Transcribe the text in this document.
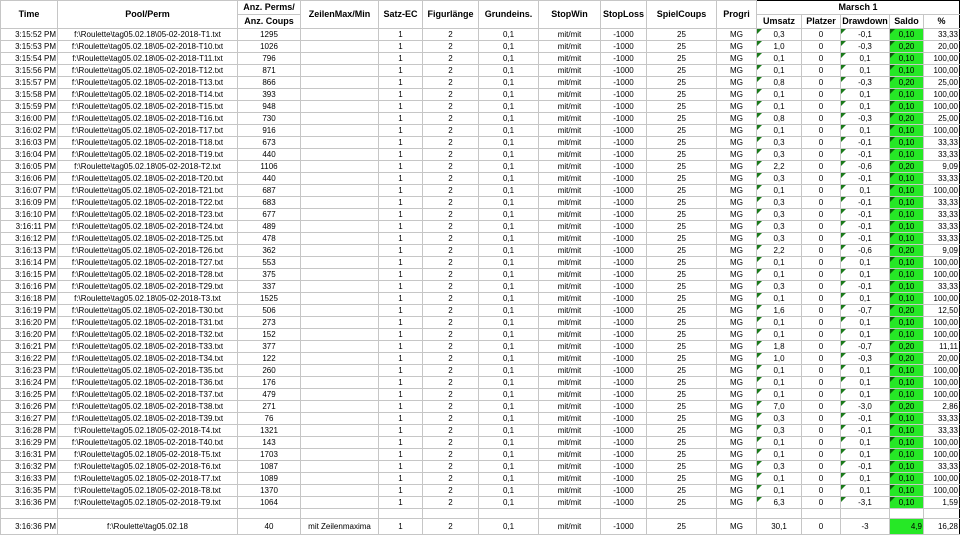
Time	Pool/Perm	Anz. Perms/	ZeilenMax/Min	Satz-EC	Figurlänge	Grundeins.	StopWin	StopLoss	SpielCoups	Progri	Marsch 1				
		Anz. Coups									Umsatz	Platzer	Drawdown	Saldo	%
3:15:52 PM	f:\Roulette\tag05.02.18\05-02-2018-T1.txt	1295		1	2	0,1	mit/mit	-1000	25	MG	0,3	0	-0,1	0,10	33,33
3:15:53 PM	f:\Roulette\tag05.02.18\05-02-2018-T10.txt	1026		1	2	0,1	mit/mit	-1000	25	MG	1,0	0	-0,3	0,20	20,00
3:15:54 PM	f:\Roulette\tag05.02.18\05-02-2018-T11.txt	796		1	2	0,1	mit/mit	-1000	25	MG	0,1	0	0,1	0,10	100,00
3:15:56 PM	f:\Roulette\tag05.02.18\05-02-2018-T12.txt	871		1	2	0,1	mit/mit	-1000	25	MG	0,1	0	0,1	0,10	100,00
3:15:57 PM	f:\Roulette\tag05.02.18\05-02-2018-T13.txt	866		1	2	0,1	mit/mit	-1000	25	MG	0,8	0	-0,3	0,20	25,00
3:15:58 PM	f:\Roulette\tag05.02.18\05-02-2018-T14.txt	393		1	2	0,1	mit/mit	-1000	25	MG	0,1	0	0,1	0,10	100,00
3:15:59 PM	f:\Roulette\tag05.02.18\05-02-2018-T15.txt	948		1	2	0,1	mit/mit	-1000	25	MG	0,1	0	0,1	0,10	100,00
3:16:00 PM	f:\Roulette\tag05.02.18\05-02-2018-T16.txt	730		1	2	0,1	mit/mit	-1000	25	MG	0,8	0	-0,3	0,20	25,00
3:16:02 PM	f:\Roulette\tag05.02.18\05-02-2018-T17.txt	916		1	2	0,1	mit/mit	-1000	25	MG	0,1	0	0,1	0,10	100,00
3:16:03 PM	f:\Roulette\tag05.02.18\05-02-2018-T18.txt	673		1	2	0,1	mit/mit	-1000	25	MG	0,3	0	-0,1	0,10	33,33
3:16:04 PM	f:\Roulette\tag05.02.18\05-02-2018-T19.txt	440		1	2	0,1	mit/mit	-1000	25	MG	0,3	0	-0,1	0,10	33,33
3:16:05 PM	f:\Roulette\tag05.02.18\05-02-2018-T2.txt	1106		1	2	0,1	mit/mit	-1000	25	MG	2,2	0	-0,6	0,20	9,09
3:16:06 PM	f:\Roulette\tag05.02.18\05-02-2018-T20.txt	440		1	2	0,1	mit/mit	-1000	25	MG	0,3	0	-0,1	0,10	33,33
3:16:07 PM	f:\Roulette\tag05.02.18\05-02-2018-T21.txt	687		1	2	0,1	mit/mit	-1000	25	MG	0,1	0	0,1	0,10	100,00
3:16:09 PM	f:\Roulette\tag05.02.18\05-02-2018-T22.txt	683		1	2	0,1	mit/mit	-1000	25	MG	0,3	0	-0,1	0,10	33,33
3:16:10 PM	f:\Roulette\tag05.02.18\05-02-2018-T23.txt	677		1	2	0,1	mit/mit	-1000	25	MG	0,3	0	-0,1	0,10	33,33
3:16:11 PM	f:\Roulette\tag05.02.18\05-02-2018-T24.txt	489		1	2	0,1	mit/mit	-1000	25	MG	0,3	0	-0,1	0,10	33,33
3:16:12 PM	f:\Roulette\tag05.02.18\05-02-2018-T25.txt	478		1	2	0,1	mit/mit	-1000	25	MG	0,3	0	-0,1	0,10	33,33
3:16:13 PM	f:\Roulette\tag05.02.18\05-02-2018-T26.txt	362		1	2	0,1	mit/mit	-1000	25	MG	2,2	0	-0,6	0,20	9,09
3:16:14 PM	f:\Roulette\tag05.02.18\05-02-2018-T27.txt	553		1	2	0,1	mit/mit	-1000	25	MG	0,1	0	0,1	0,10	100,00
3:16:15 PM	f:\Roulette\tag05.02.18\05-02-2018-T28.txt	375		1	2	0,1	mit/mit	-1000	25	MG	0,1	0	0,1	0,10	100,00
3:16:16 PM	f:\Roulette\tag05.02.18\05-02-2018-T29.txt	337		1	2	0,1	mit/mit	-1000	25	MG	0,3	0	-0,1	0,10	33,33
3:16:18 PM	f:\Roulette\tag05.02.18\05-02-2018-T3.txt	1525		1	2	0,1	mit/mit	-1000	25	MG	0,1	0	0,1	0,10	100,00
3:16:19 PM	f:\Roulette\tag05.02.18\05-02-2018-T30.txt	506		1	2	0,1	mit/mit	-1000	25	MG	1,6	0	-0,7	0,20	12,50
3:16:20 PM	f:\Roulette\tag05.02.18\05-02-2018-T31.txt	273		1	2	0,1	mit/mit	-1000	25	MG	0,1	0	0,1	0,10	100,00
3:16:20 PM	f:\Roulette\tag05.02.18\05-02-2018-T32.txt	152		1	2	0,1	mit/mit	-1000	25	MG	0,1	0	0,1	0,10	100,00
3:16:21 PM	f:\Roulette\tag05.02.18\05-02-2018-T33.txt	377		1	2	0,1	mit/mit	-1000	25	MG	1,8	0	-0,7	0,20	11,11
3:16:22 PM	f:\Roulette\tag05.02.18\05-02-2018-T34.txt	122		1	2	0,1	mit/mit	-1000	25	MG	1,0	0	-0,3	0,20	20,00
3:16:23 PM	f:\Roulette\tag05.02.18\05-02-2018-T35.txt	260		1	2	0,1	mit/mit	-1000	25	MG	0,1	0	0,1	0,10	100,00
3:16:24 PM	f:\Roulette\tag05.02.18\05-02-2018-T36.txt	176		1	2	0,1	mit/mit	-1000	25	MG	0,1	0	0,1	0,10	100,00
3:16:25 PM	f:\Roulette\tag05.02.18\05-02-2018-T37.txt	479		1	2	0,1	mit/mit	-1000	25	MG	0,1	0	0,1	0,10	100,00
3:16:26 PM	f:\Roulette\tag05.02.18\05-02-2018-T38.txt	271		1	2	0,1	mit/mit	-1000	25	MG	7,0	0	-3,0	0,20	2,86
3:16:27 PM	f:\Roulette\tag05.02.18\05-02-2018-T39.txt	76		1	2	0,1	mit/mit	-1000	25	MG	0,3	0	-0,1	0,10	33,33
3:16:28 PM	f:\Roulette\tag05.02.18\05-02-2018-T4.txt	1321		1	2	0,1	mit/mit	-1000	25	MG	0,3	0	-0,1	0,10	33,33
3:16:29 PM	f:\Roulette\tag05.02.18\05-02-2018-T40.txt	143		1	2	0,1	mit/mit	-1000	25	MG	0,1	0	0,1	0,10	100,00
3:16:31 PM	f:\Roulette\tag05.02.18\05-02-2018-T5.txt	1703		1	2	0,1	mit/mit	-1000	25	MG	0,1	0	0,1	0,10	100,00
3:16:32 PM	f:\Roulette\tag05.02.18\05-02-2018-T6.txt	1087		1	2	0,1	mit/mit	-1000	25	MG	0,3	0	-0,1	0,10	33,33
3:16:33 PM	f:\Roulette\tag05.02.18\05-02-2018-T7.txt	1089		1	2	0,1	mit/mit	-1000	25	MG	0,1	0	0,1	0,10	100,00
3:16:35 PM	f:\Roulette\tag05.02.18\05-02-2018-T8.txt	1370		1	2	0,1	mit/mit	-1000	25	MG	0,1	0	0,1	0,10	100,00
3:16:36 PM	f:\Roulette\tag05.02.18\05-02-2018-T9.txt	1064		1	2	0,1	mit/mit	-1000	25	MG	6,3	0	-3,1	0,10	1,59

3:16:36 PM	f:\Roulette\tag05.02.18	40	mit Zeilenmaxima	1	2	0,1	mit/mit	-1000	25	MG	30,1	0	-3	4,9	16,28
